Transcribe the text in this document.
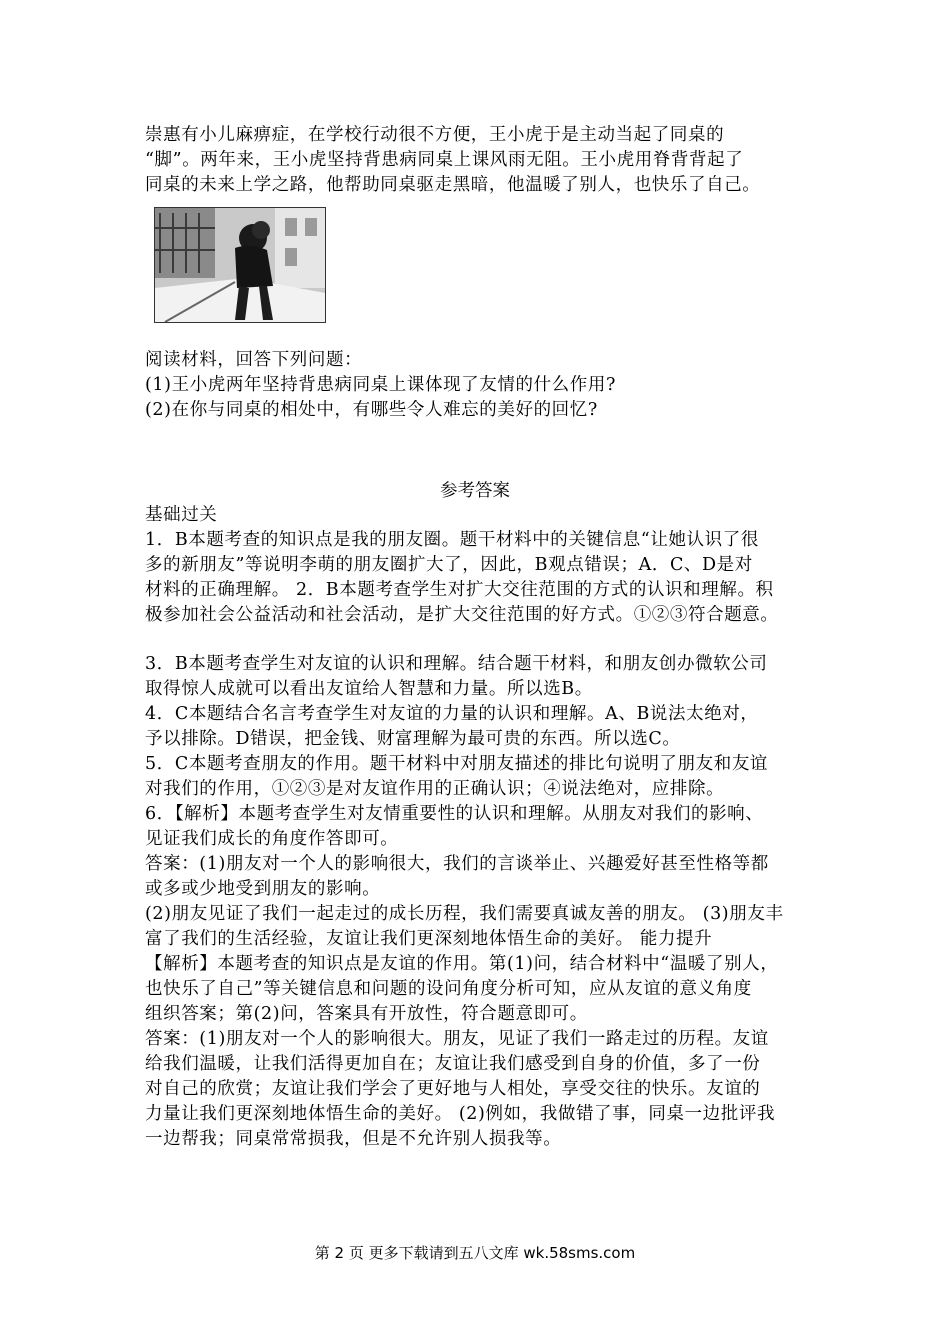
崇惠有小儿麻痹症，在学校行动很不方便，王小虎于是主动当起了同桌的
“脚”。两年来，王小虎坚持背患病同桌上课风雨无阻。王小虎用脊背背起了
同桌的未来上学之路，他帮助同桌驱走黑暗，他温暖了别人，也快乐了自己。

阅读材料，回答下列问题：
(1)王小虎两年坚持背患病同桌上课体现了友情的什么作用?
(2)在你与同桌的相处中，有哪些令人难忘的美好的回忆?

参考答案

基础过关
1．B本题考查的知识点是我的朋友圈。题干材料中的关键信息“让她认识了很
多的新朋友”等说明李萌的朋友圈扩大了，因此，B观点错误；A．C、D是对
材料的正确理解。 2．B本题考查学生对扩大交往范围的方式的认识和理解。积
极参加社会公益活动和社会活动，是扩大交往范围的好方式。①②③符合题意。

3．B本题考查学生对友谊的认识和理解。结合题干材料，和朋友创办微软公司
取得惊人成就可以看出友谊给人智慧和力量。所以选B。
4．C本题结合名言考查学生对友谊的力量的认识和理解。A、B说法太绝对，
予以排除。D错误，把金钱、财富理解为最可贵的东西。所以选C。
5．C本题考查朋友的作用。题干材料中对朋友描述的排比句说明了朋友和友谊
对我们的作用，①②③是对友谊作用的正确认识；④说法绝对，应排除。
6．【解析】本题考查学生对友情重要性的认识和理解。从朋友对我们的影响、
见证我们成长的角度作答即可。
答案：(1)朋友对一个人的影响很大，我们的言谈举止、兴趣爱好甚至性格等都
或多或少地受到朋友的影响。
(2)朋友见证了我们一起走过的成长历程，我们需要真诚友善的朋友。 (3)朋友丰
富了我们的生活经验，友谊让我们更深刻地体悟生命的美好。 能力提升
【解析】本题考查的知识点是友谊的作用。第(1)问，结合材料中“温暖了别人，
也快乐了自己”等关键信息和问题的设问角度分析可知，应从友谊的意义角度
组织答案；第(2)问，答案具有开放性，符合题意即可。
答案：(1)朋友对一个人的影响很大。朋友，见证了我们一路走过的历程。友谊
给我们温暖，让我们活得更加自在；友谊让我们感受到自身的价值，多了一份
对自己的欣赏；友谊让我们学会了更好地与人相处，享受交往的快乐。友谊的
力量让我们更深刻地体悟生命的美好。 (2)例如，我做错了事，同桌一边批评我
一边帮我；同桌常常损我，但是不允许别人损我等。

第 2 页 更多下载请到五八文库 wk.58sms.com
